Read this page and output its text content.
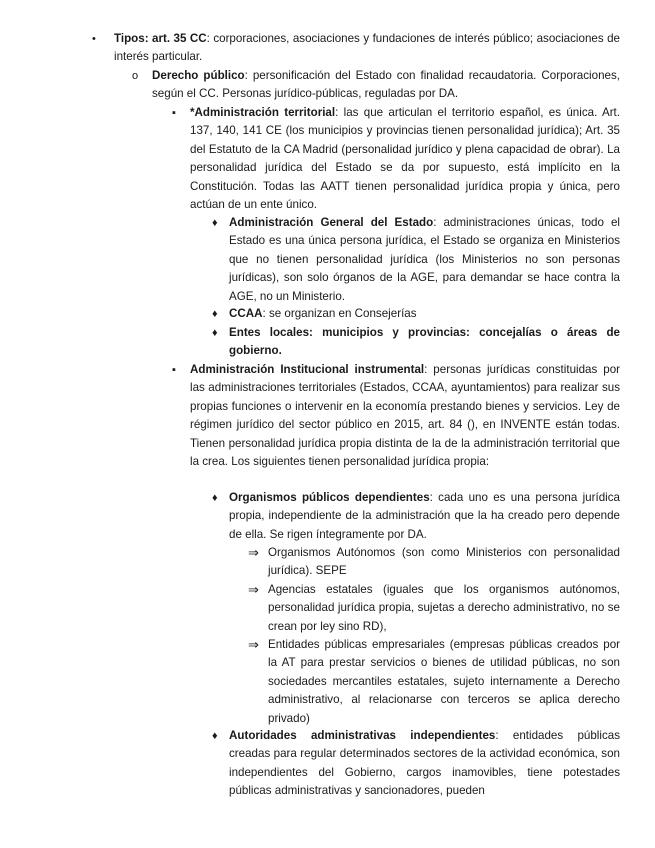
• Tipos: art. 35 CC: corporaciones, asociaciones y fundaciones de interés público; asociaciones de interés particular.
o Derecho público: personificación del Estado con finalidad recaudatoria. Corporaciones, según el CC. Personas jurídico-públicas, reguladas por DA.
▪ *Administración territorial: las que articulan el territorio español, es única. Art. 137, 140, 141 CE (los municipios y provincias tienen personalidad jurídica); Art. 35 del Estatuto de la CA Madrid (personalidad jurídico y plena capacidad de obrar). La personalidad jurídica del Estado se da por supuesto, está implícito en la Constitución. Todas las AATT tienen personalidad jurídica propia y única, pero actúan de un ente único.
♦ Administración General del Estado: administraciones únicas, todo el Estado es una única persona jurídica, el Estado se organiza en Ministerios que no tienen personalidad jurídica (los Ministerios no son personas jurídicas), son solo órganos de la AGE, para demandar se hace contra la AGE, no un Ministerio.
♦ CCAA: se organizan en Consejerías
♦ Entes locales: municipios y provincias: concejalías o áreas de gobierno.
▪ Administración Institucional instrumental: personas jurídicas constituidas por las administraciones territoriales (Estados, CCAA, ayuntamientos) para realizar sus propias funciones o intervenir en la economía prestando bienes y servicios. Ley de régimen jurídico del sector público en 2015, art. 84 (), en INVENTE están todas. Tienen personalidad jurídica propia distinta de la de la administración territorial que la crea. Los siguientes tienen personalidad jurídica propia:
♦ Organismos públicos dependientes: cada uno es una persona jurídica propia, independiente de la administración que la ha creado pero depende de ella. Se rigen íntegramente por DA.
⇒ Organismos Autónomos (son como Ministerios con personalidad jurídica). SEPE
⇒ Agencias estatales (iguales que los organismos autónomos, personalidad jurídica propia, sujetas a derecho administrativo, no se crean por ley sino RD),
⇒ Entidades públicas empresariales (empresas públicas creados por la AT para prestar servicios o bienes de utilidad públicas, no son sociedades mercantiles estatales, sujeto internamente a Derecho administrativo, al relacionarse con terceros se aplica derecho privado)
♦ Autoridades administrativas independientes: entidades públicas creadas para regular determinados sectores de la actividad económica, son independientes del Gobierno, cargos inamovibles, tiene potestades públicas administrativas y sancionadores, pueden
